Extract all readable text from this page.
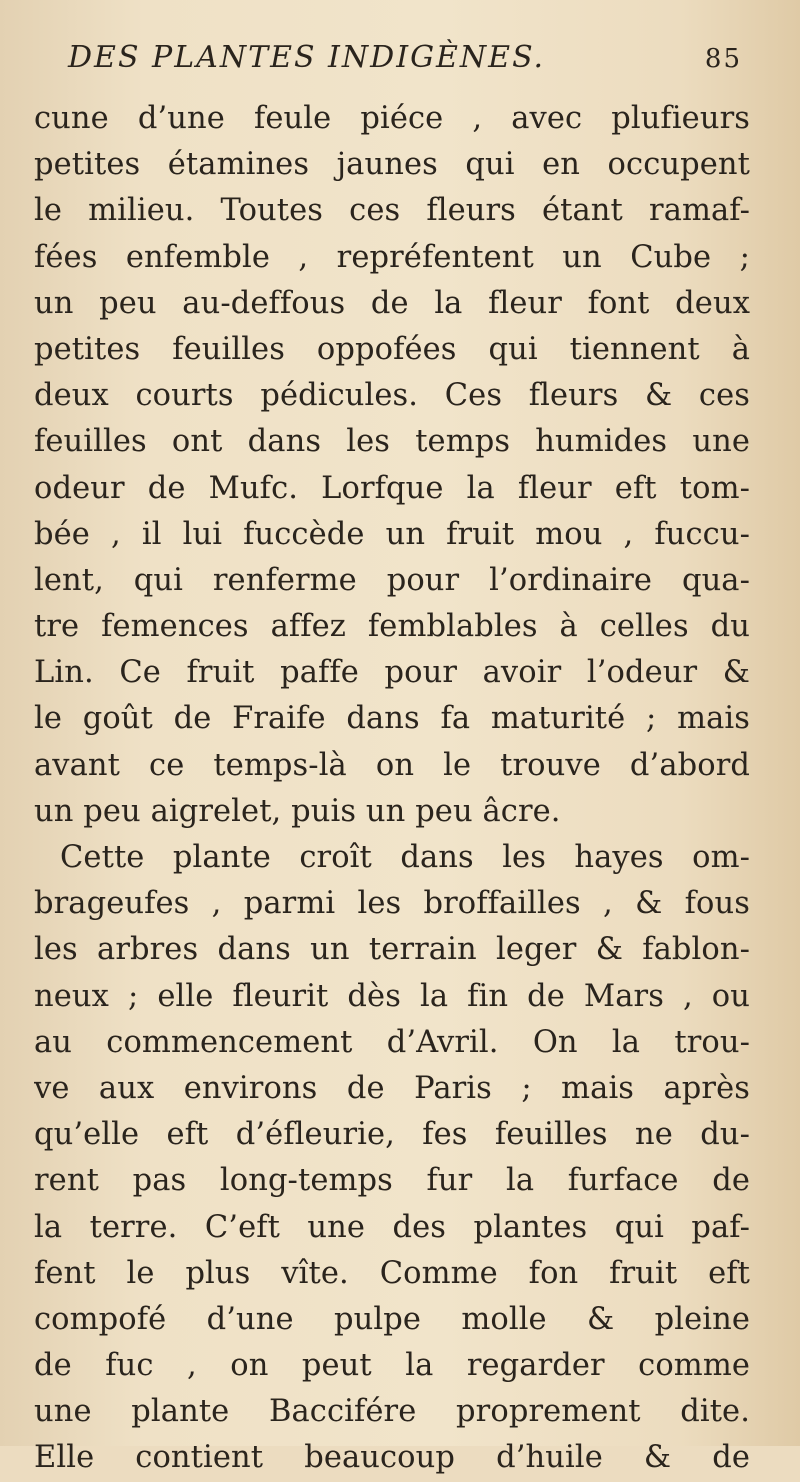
DES PLANTES INDIGÈNES.	85
cune d’une feule piéce , avec plufieurs
petites étamines jaunes qui en occupent
le milieu. Toutes ces fleurs étant ramaf-
fées enfemble , repréfentent un Cube ;
un peu au-deffous de la fleur font deux
petites feuilles oppofées qui tiennent à
deux courts pédicules. Ces fleurs & ces
feuilles ont dans les temps humides une
odeur de Mufc. Lorfque la fleur eft tom-
bée , il lui fuccède un fruit mou , fuccu-
lent, qui renferme pour l’ordinaire qua-
tre femences affez femblables à celles du
Lin. Ce fruit paffe pour avoir l’odeur &
le goût de Fraife dans fa maturité ; mais
avant ce temps-là on le trouve d’abord
un peu aigrelet, puis un peu âcre.
Cette plante croît dans les hayes om-
brageufes , parmi les broffailles , & fous
les arbres dans un terrain leger & fablon-
neux ; elle fleurit dès la fin de Mars , ou
au commencement d’Avril. On la trou-
ve aux environs de Paris ; mais après
qu’elle eft d’éfleurie, fes feuilles ne du-
rent pas long-temps fur la furface de
la terre. C’eft une des plantes qui paf-
fent le plus vîte. Comme fon fruit eft
compofé d’une pulpe molle & pleine
de fuc , on peut la regarder comme
une plante Baccifére proprement dite.
Elle contient beaucoup d’huile & de
